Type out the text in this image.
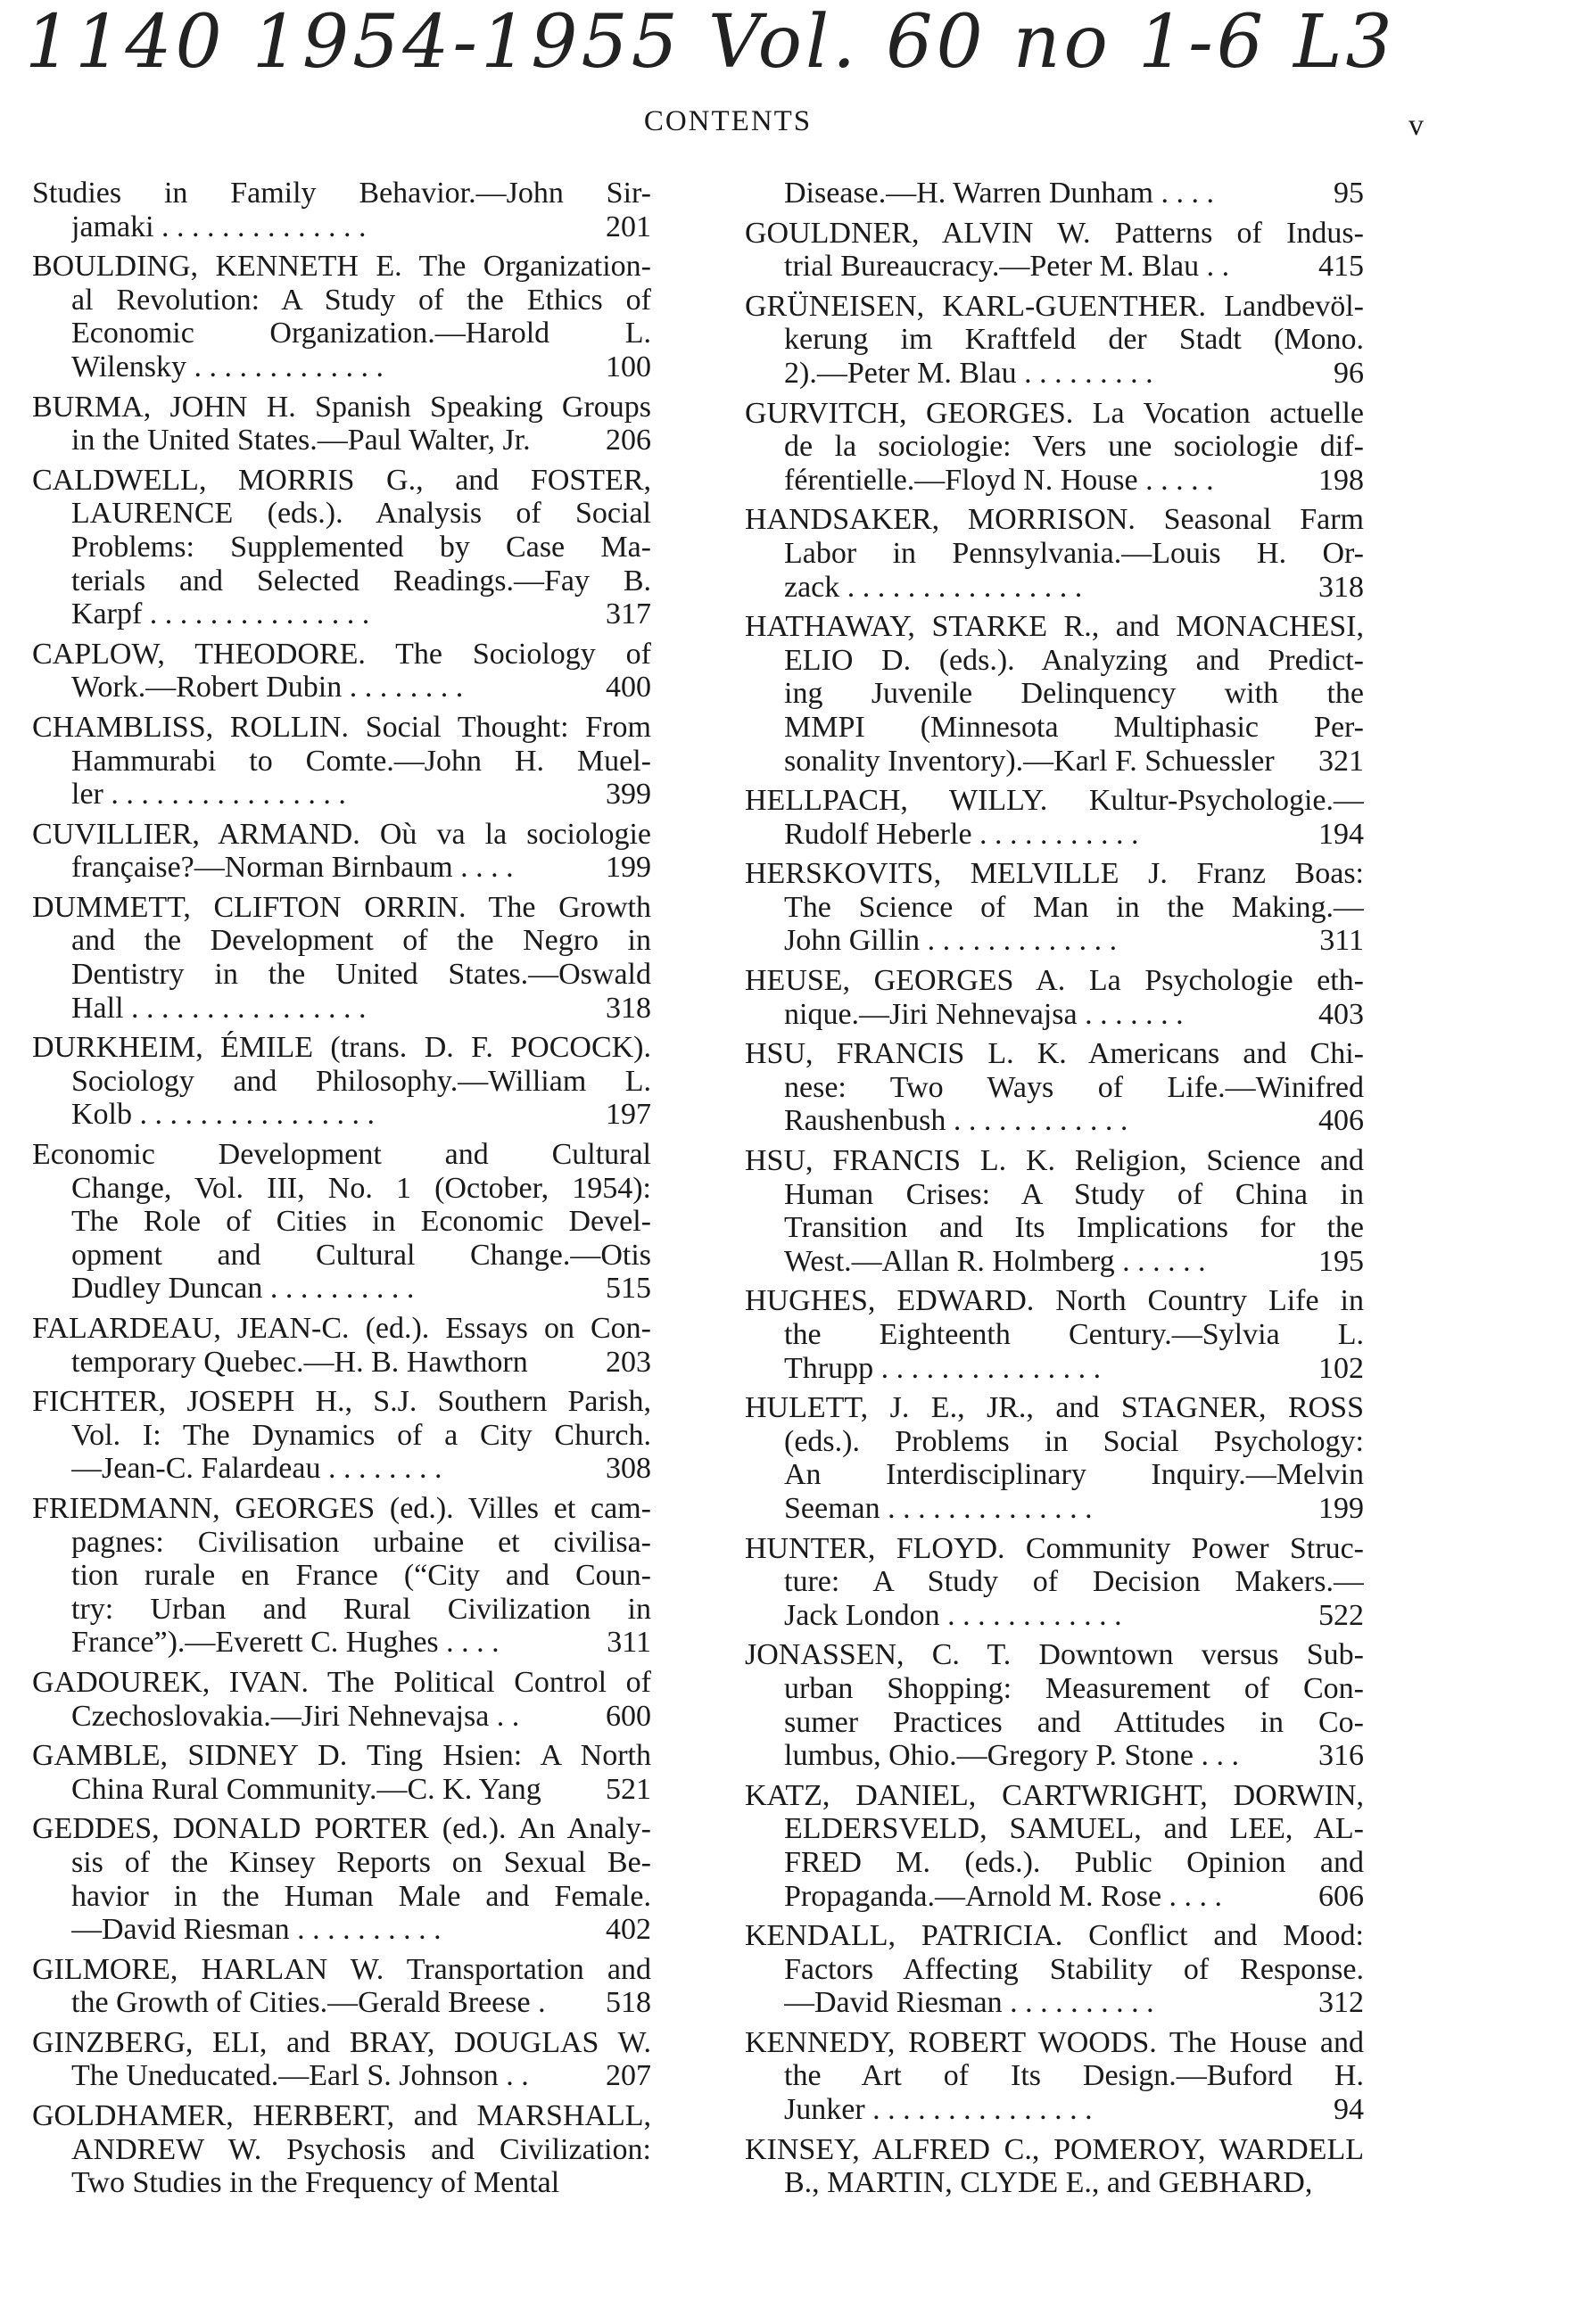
1140 1954-1955 Vol. 60 no 1-6 L3
CONTENTS	v
Studies in Family Behavior.—John Sir-
jamaki . . . . . . . . . . . . . .	201
BOULDING, KENNETH E. The Organization-
al Revolution: A Study of the Ethics of
Economic Organization.—Harold L.
Wilensky . . . . . . . . . . . . .	100
BURMA, JOHN H. Spanish Speaking Groups
in the United States.—Paul Walter, Jr.	206
CALDWELL, MORRIS G., and FOSTER,
LAURENCE (eds.). Analysis of Social
Problems: Supplemented by Case Ma-
terials and Selected Readings.—Fay B.
Karpf . . . . . . . . . . . . . . .	317
CAPLOW, THEODORE. The Sociology of
Work.—Robert Dubin . . . . . . . .	400
CHAMBLISS, ROLLIN. Social Thought: From
Hammurabi to Comte.—John H. Muel-
ler . . . . . . . . . . . . . . . .	399
CUVILLIER, ARMAND. Où va la sociologie
française?—Norman Birnbaum . . . .	199
DUMMETT, CLIFTON ORRIN. The Growth
and the Development of the Negro in
Dentistry in the United States.—Oswald
Hall . . . . . . . . . . . . . . . .	318
DURKHEIM, ÉMILE (trans. D. F. POCOCK).
Sociology and Philosophy.—William L.
Kolb . . . . . . . . . . . . . . . .	197
Economic Development and Cultural
Change, Vol. III, No. 1 (October, 1954):
The Role of Cities in Economic Devel-
opment and Cultural Change.—Otis
Dudley Duncan . . . . . . . . . .	515
FALARDEAU, JEAN-C. (ed.). Essays on Con-
temporary Quebec.—H. B. Hawthorn	203
FICHTER, JOSEPH H., S.J. Southern Parish,
Vol. I: The Dynamics of a City Church.
—Jean-C. Falardeau . . . . . . . .	308
FRIEDMANN, GEORGES (ed.). Villes et cam-
pagnes: Civilisation urbaine et civilisa-
tion rurale en France (“City and Coun-
try: Urban and Rural Civilization in
France”).—Everett C. Hughes . . . .	311
GADOUREK, IVAN. The Political Control of
Czechoslovakia.—Jiri Nehnevajsa . .	600
GAMBLE, SIDNEY D. Ting Hsien: A North
China Rural Community.—C. K. Yang	521
GEDDES, DONALD PORTER (ed.). An Analy-
sis of the Kinsey Reports on Sexual Be-
havior in the Human Male and Female.
—David Riesman . . . . . . . . . .	402
GILMORE, HARLAN W. Transportation and
the Growth of Cities.—Gerald Breese .	518
GINZBERG, ELI, and BRAY, DOUGLAS W.
The Uneducated.—Earl S. Johnson . .	207
GOLDHAMER, HERBERT, and MARSHALL,
ANDREW W. Psychosis and Civilization:
Two Studies in the Frequency of Mental
Disease.—H. Warren Dunham . . . .	95
GOULDNER, ALVIN W. Patterns of Indus-
trial Bureaucracy.—Peter M. Blau . .	415
GRÜNEISEN, KARL-GUENTHER. Landbevöl-
kerung im Kraftfeld der Stadt (Mono.
2).—Peter M. Blau . . . . . . . . .	96
GURVITCH, GEORGES. La Vocation actuelle
de la sociologie: Vers une sociologie dif-
férentielle.—Floyd N. House . . . . .	198
HANDSAKER, MORRISON. Seasonal Farm
Labor in Pennsylvania.—Louis H. Or-
zack . . . . . . . . . . . . . . . .	318
HATHAWAY, STARKE R., and MONACHESI,
ELIO D. (eds.). Analyzing and Predict-
ing Juvenile Delinquency with the
MMPI (Minnesota Multiphasic Per-
sonality Inventory).—Karl F. Schuessler	321
HELLPACH, WILLY. Kultur-Psychologie.—
Rudolf Heberle . . . . . . . . . . .	194
HERSKOVITS, MELVILLE J. Franz Boas:
The Science of Man in the Making.—
John Gillin . . . . . . . . . . . . .	311
HEUSE, GEORGES A. La Psychologie eth-
nique.—Jiri Nehnevajsa . . . . . . .	403
HSU, FRANCIS L. K. Americans and Chi-
nese: Two Ways of Life.—Winifred
Raushenbush . . . . . . . . . . . .	406
HSU, FRANCIS L. K. Religion, Science and
Human Crises: A Study of China in
Transition and Its Implications for the
West.—Allan R. Holmberg . . . . . .	195
HUGHES, EDWARD. North Country Life in
the Eighteenth Century.—Sylvia L.
Thrupp . . . . . . . . . . . . . . .	102
HULETT, J. E., JR., and STAGNER, ROSS
(eds.). Problems in Social Psychology:
An Interdisciplinary Inquiry.—Melvin
Seeman . . . . . . . . . . . . . .	199
HUNTER, FLOYD. Community Power Struc-
ture: A Study of Decision Makers.—
Jack London . . . . . . . . . . . .	522
JONASSEN, C. T. Downtown versus Sub-
urban Shopping: Measurement of Con-
sumer Practices and Attitudes in Co-
lumbus, Ohio.—Gregory P. Stone . . .	316
KATZ, DANIEL, CARTWRIGHT, DORWIN,
ELDERSVELD, SAMUEL, and LEE, AL-
FRED M. (eds.). Public Opinion and
Propaganda.—Arnold M. Rose . . . .	606
KENDALL, PATRICIA. Conflict and Mood:
Factors Affecting Stability of Response.
—David Riesman . . . . . . . . . .	312
KENNEDY, ROBERT WOODS. The House and
the Art of Its Design.—Buford H.
Junker . . . . . . . . . . . . . . .	94
KINSEY, ALFRED C., POMEROY, WARDELL
B., MARTIN, CLYDE E., and GEBHARD,
